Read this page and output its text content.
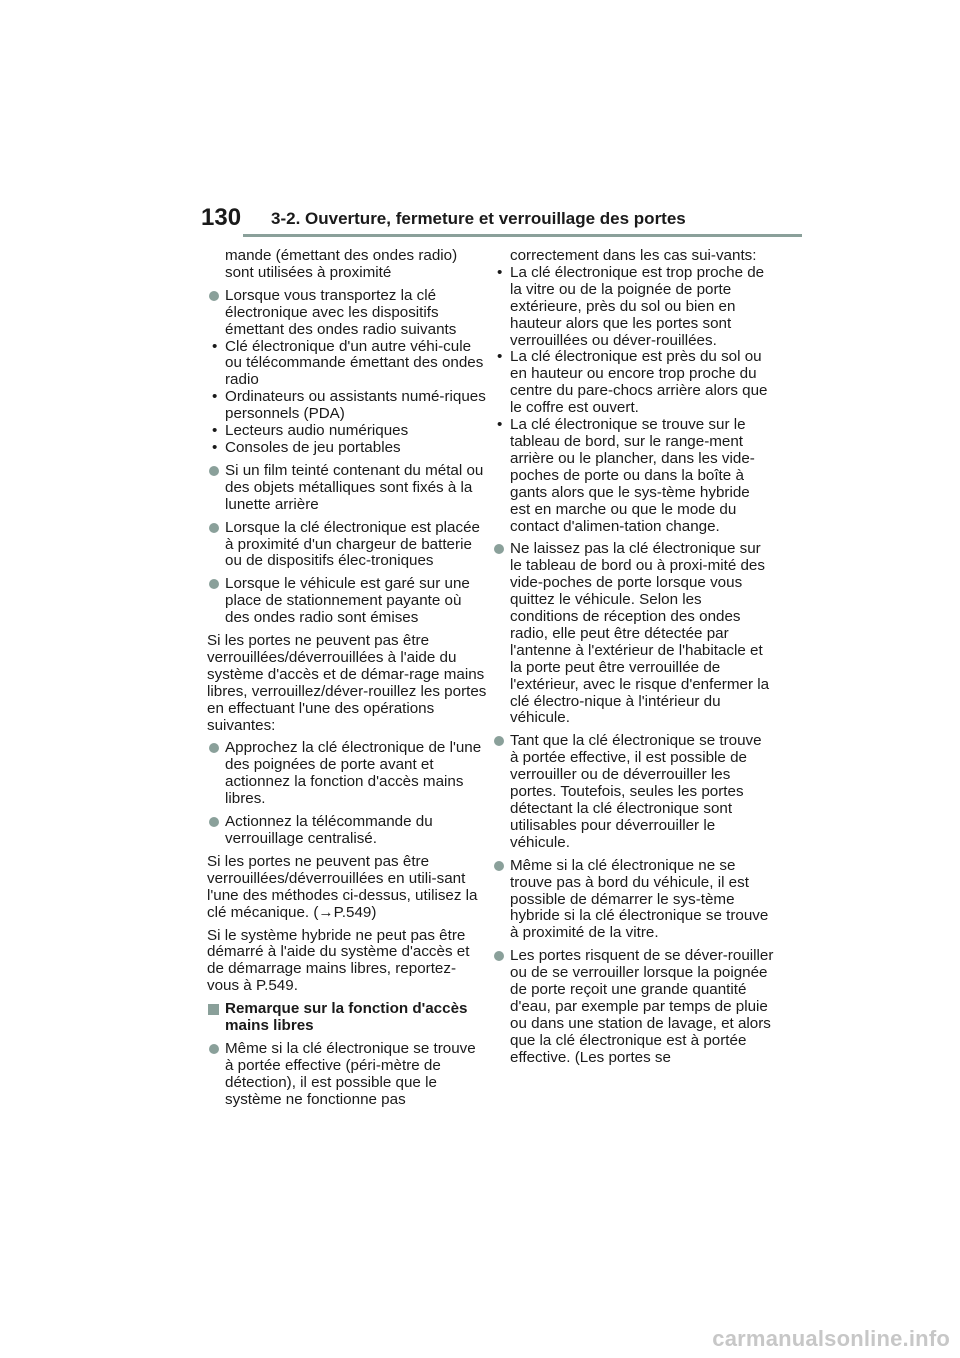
130 3-2. Ouverture, fermeture et verrouillage des portes

mande (émettant des ondes radio) sont utilisées à proximité

Lorsque vous transportez la clé électronique avec les dispositifs émettant des ondes radio suivants

• Clé électronique d'un autre véhi-cule ou télécommande émettant des ondes radio

• Ordinateurs ou assistants numé-riques personnels (PDA)

• Lecteurs audio numériques

• Consoles de jeu portables

Si un film teinté contenant du métal ou des objets métalliques sont fixés à la lunette arrière

Lorsque la clé électronique est placée à proximité d'un chargeur de batterie ou de dispositifs élec-troniques

Lorsque le véhicule est garé sur une place de stationnement payante où des ondes radio sont émises

Si les portes ne peuvent pas être verrouillées/déverrouillées à l'aide du système d'accès et de démar-rage mains libres, verrouillez/déver-rouillez les portes en effectuant l'une des opérations suivantes:

Approchez la clé électronique de l'une des poignées de porte avant et actionnez la fonction d'accès mains libres.

Actionnez la télécommande du verrouillage centralisé.

Si les portes ne peuvent pas être verrouillées/déverrouillées en utili-sant l'une des méthodes ci-dessus, utilisez la clé mécanique. (→P.549)

Si le système hybride ne peut pas être démarré à l'aide du système d'accès et de démarrage mains libres, reportez-vous à P.549.

Remarque sur la fonction d'accès mains libres

Même si la clé électronique se trouve à portée effective (péri-mètre de détection), il est possible que le système ne fonctionne pas

correctement dans les cas sui-vants:

• La clé électronique est trop proche de la vitre ou de la poignée de porte extérieure, près du sol ou bien en hauteur alors que les portes sont verrouillées ou déver-rouillées.

• La clé électronique est près du sol ou en hauteur ou encore trop proche du centre du pare-chocs arrière alors que le coffre est ouvert.

• La clé électronique se trouve sur le tableau de bord, sur le range-ment arrière ou le plancher, dans les vide-poches de porte ou dans la boîte à gants alors que le sys-tème hybride est en marche ou que le mode du contact d'alimen-tation change.

Ne laissez pas la clé électronique sur le tableau de bord ou à proxi-mité des vide-poches de porte lorsque vous quittez le véhicule. Selon les conditions de réception des ondes radio, elle peut être détectée par l'antenne à l'extérieur de l'habitacle et la porte peut être verrouillée de l'extérieur, avec le risque d'enfermer la clé électro-nique à l'intérieur du véhicule.

Tant que la clé électronique se trouve à portée effective, il est possible de verrouiller ou de déverrouiller les portes. Toutefois, seules les portes détectant la clé électronique sont utilisables pour déverrouiller le véhicule.

Même si la clé électronique ne se trouve pas à bord du véhicule, il est possible de démarrer le sys-tème hybride si la clé électronique se trouve à proximité de la vitre.

Les portes risquent de se déver-rouiller ou de se verrouiller lorsque la poignée de porte reçoit une grande quantité d'eau, par exemple par temps de pluie ou dans une station de lavage, et alors que la clé électronique est à portée effective. (Les portes se

carmanualsonline.info
